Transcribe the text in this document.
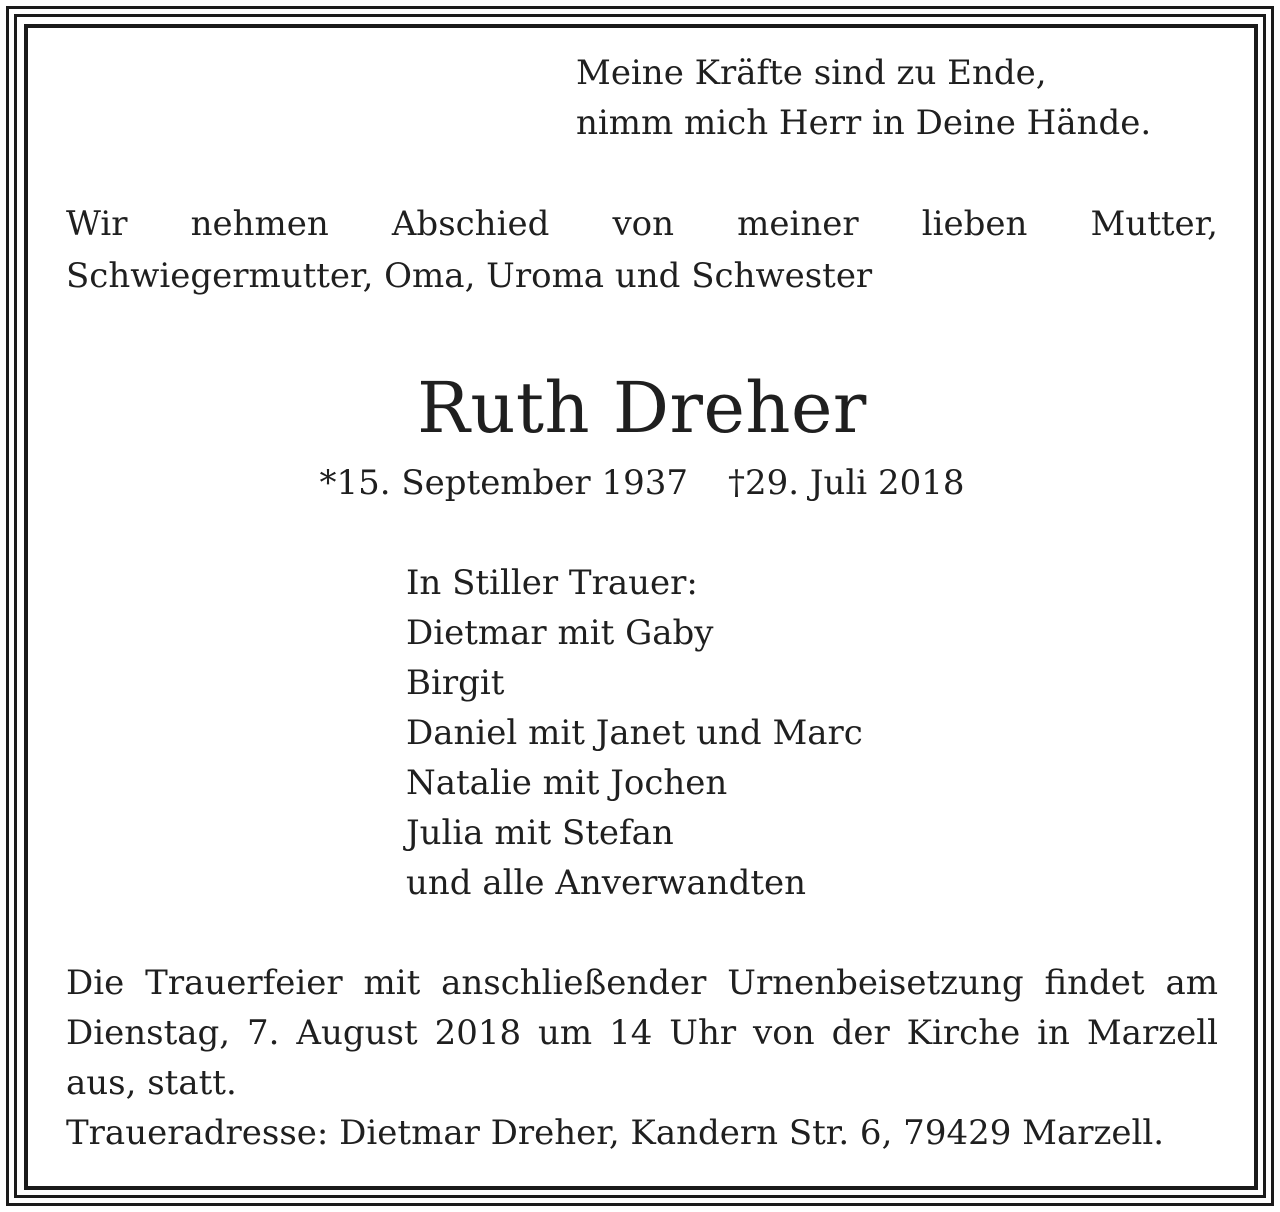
Meine Kräfte sind zu Ende,
nimm mich Herr in Deine Hände.

Wir nehmen Abschied von meiner lieben Mutter, Schwiegermutter, Oma, Uroma und Schwester

Ruth Dreher

*15. September 1937 †29. Juli 2018

In Stiller Trauer:
Dietmar mit Gaby
Birgit
Daniel mit Janet und Marc
Natalie mit Jochen
Julia mit Stefan
und alle Anverwandten

Die Trauerfeier mit anschließender Urnenbeisetzung findet am Dienstag, 7. August 2018 um 14 Uhr von der Kirche in Marzell aus, statt.

Traueradresse: Dietmar Dreher, Kandern Str. 6, 79429 Marzell.
